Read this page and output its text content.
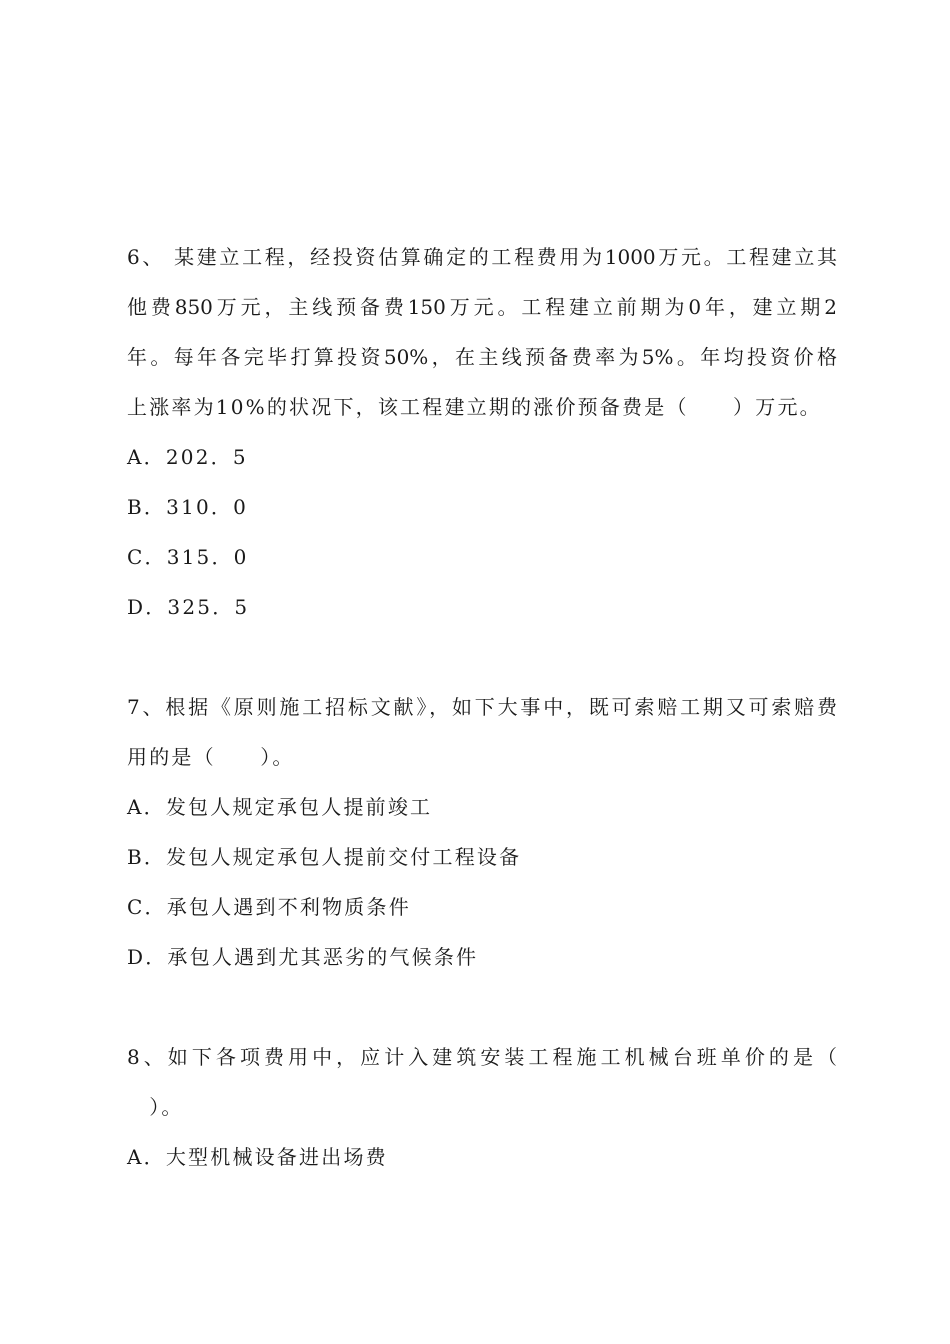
6、 某建立工程，经投资估算确定的工程费用为1000万元。工程建立其
他费850万元，主线预备费150万元。工程建立前期为0年，建立期2
年。每年各完毕打算投资50%，在主线预备费率为5%。年均投资价格
上涨率为10%的状况下，该工程建立期的涨价预备费是（　　）万元。
A．202．5
B．310．0
C．315．0
D．325．5
7、根据《原则施工招标文献》，如下大事中，既可索赔工期又可索赔费
用的是（　　）。
A．发包人规定承包人提前竣工
B．发包人规定承包人提前交付工程设备
C．承包人遇到不利物质条件
D．承包人遇到尤其恶劣的气候条件
8、如下各项费用中，应计入建筑安装工程施工机械台班单价的是（
　）。
A．大型机械设备进出场费
